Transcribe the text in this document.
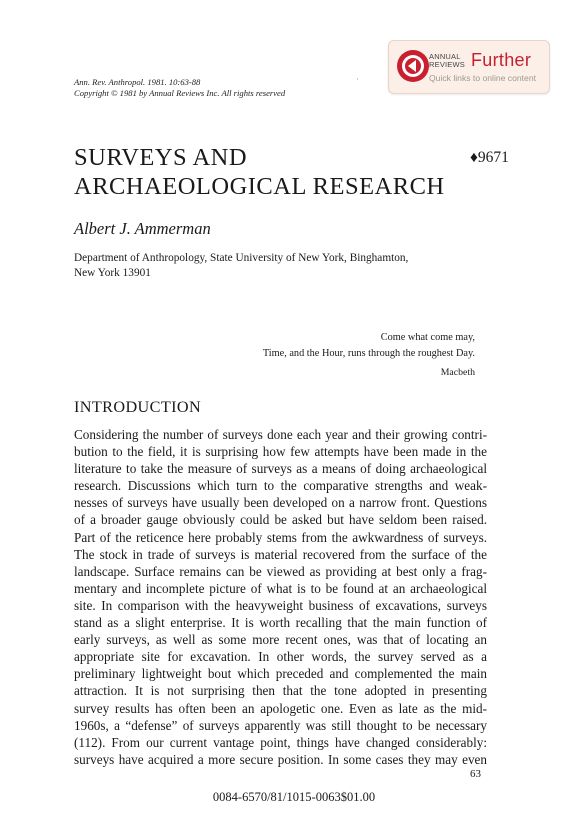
Ann. Rev. Anthropol. 1981. 10:63-88
Copyright © 1981 by Annual Reviews Inc. All rights reserved
·
ANNUAL
REVIEWS Further
Quick links to online content
SURVEYS AND
ARCHAEOLOGICAL RESEARCH
♦9671
Albert J. Ammerman
Department of Anthropology, State University of New York, Binghamton,
New York 13901
Come what come may,
Time, and the Hour, runs through the roughest Day.
Macbeth
INTRODUCTION
Considering the number of surveys done each year and their growing contri-
bution to the field, it is surprising how few attempts have been made in the
literature to take the measure of surveys as a means of doing archaeological
research. Discussions which turn to the comparative strengths and weak-
nesses of surveys have usually been developed on a narrow front. Questions
of a broader gauge obviously could be asked but have seldom been raised.
Part of the reticence here probably stems from the awkwardness of surveys.
The stock in trade of surveys is material recovered from the surface of the
landscape. Surface remains can be viewed as providing at best only a frag-
mentary and incomplete picture of what is to be found at an archaeological
site. In comparison with the heavyweight business of excavations, surveys
stand as a slight enterprise. It is worth recalling that the main function of
early surveys, as well as some more recent ones, was that of locating an
appropriate site for excavation. In other words, the survey served as a
preliminary lightweight bout which preceded and complemented the main
attraction. It is not surprising then that the tone adopted in presenting
survey results has often been an apologetic one. Even as late as the mid-
1960s, a “defense” of surveys apparently was still thought to be necessary
(112). From our current vantage point, things have changed considerably:
surveys have acquired a more secure position. In some cases they may even
63
0084-6570/81/1015-0063$01.00
